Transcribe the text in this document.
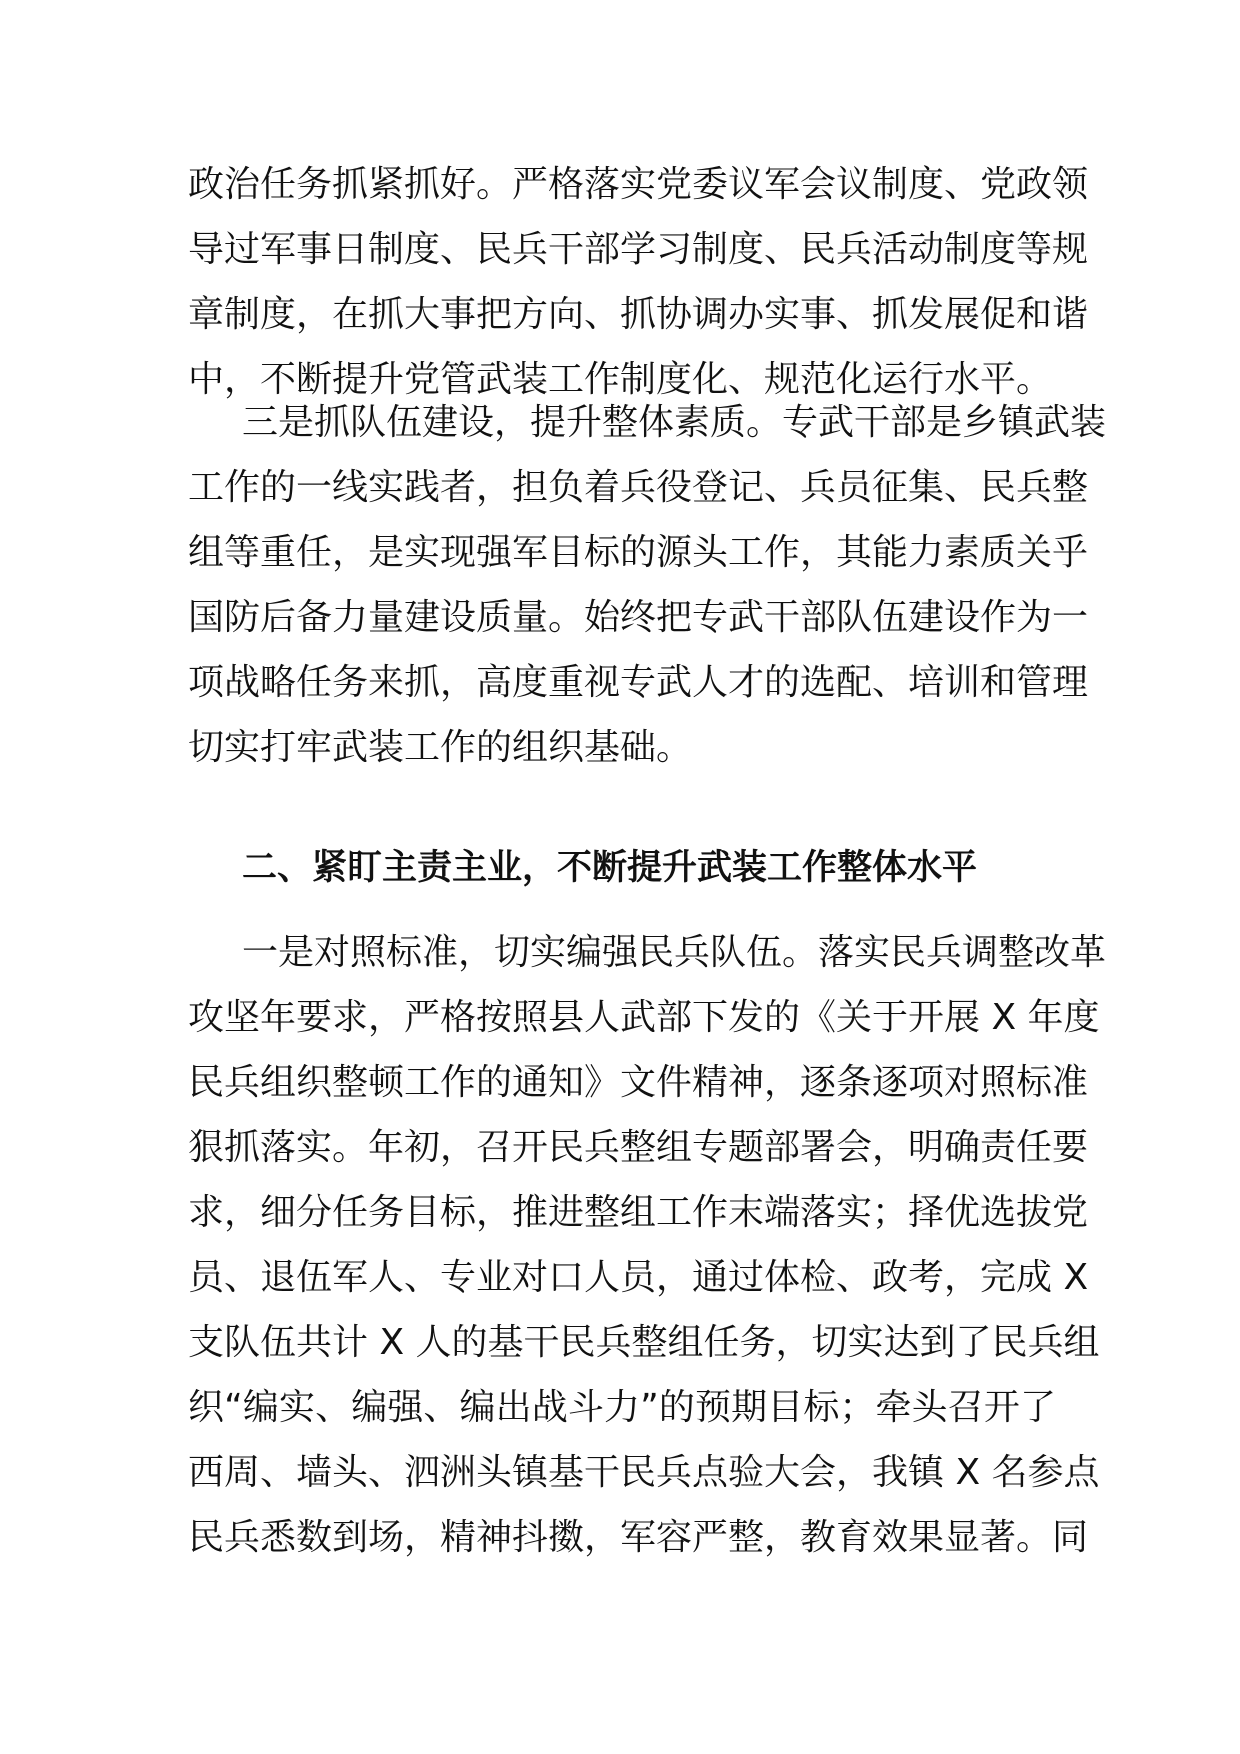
政治任务抓紧抓好。严格落实党委议军会议制度、党政领
导过军事日制度、民兵干部学习制度、民兵活动制度等规
章制度，在抓大事把方向、抓协调办实事、抓发展促和谐
中，不断提升党管武装工作制度化、规范化运行水平。
三是抓队伍建设，提升整体素质。专武干部是乡镇武装
工作的一线实践者，担负着兵役登记、兵员征集、民兵整
组等重任，是实现强军目标的源头工作，其能力素质关乎
国防后备力量建设质量。始终把专武干部队伍建设作为一
项战略任务来抓，高度重视专武人才的选配、培训和管理
切实打牢武装工作的组织基础。
二、紧盯主责主业，不断提升武装工作整体水平
一是对照标准，切实编强民兵队伍。落实民兵调整改革
攻坚年要求，严格按照县人武部下发的《关于开展 X 年度
民兵组织整顿工作的通知》文件精神，逐条逐项对照标准
狠抓落实。年初，召开民兵整组专题部署会，明确责任要
求，细分任务目标，推进整组工作末端落实；择优选拔党
员、退伍军人、专业对口人员，通过体检、政考，完成 X
支队伍共计 X 人的基干民兵整组任务，切实达到了民兵组
织“编实、编强、编出战斗力”的预期目标；牵头召开了
西周、墙头、泗洲头镇基干民兵点验大会，我镇 X 名参点
民兵悉数到场，精神抖擞，军容严整，教育效果显著。同
